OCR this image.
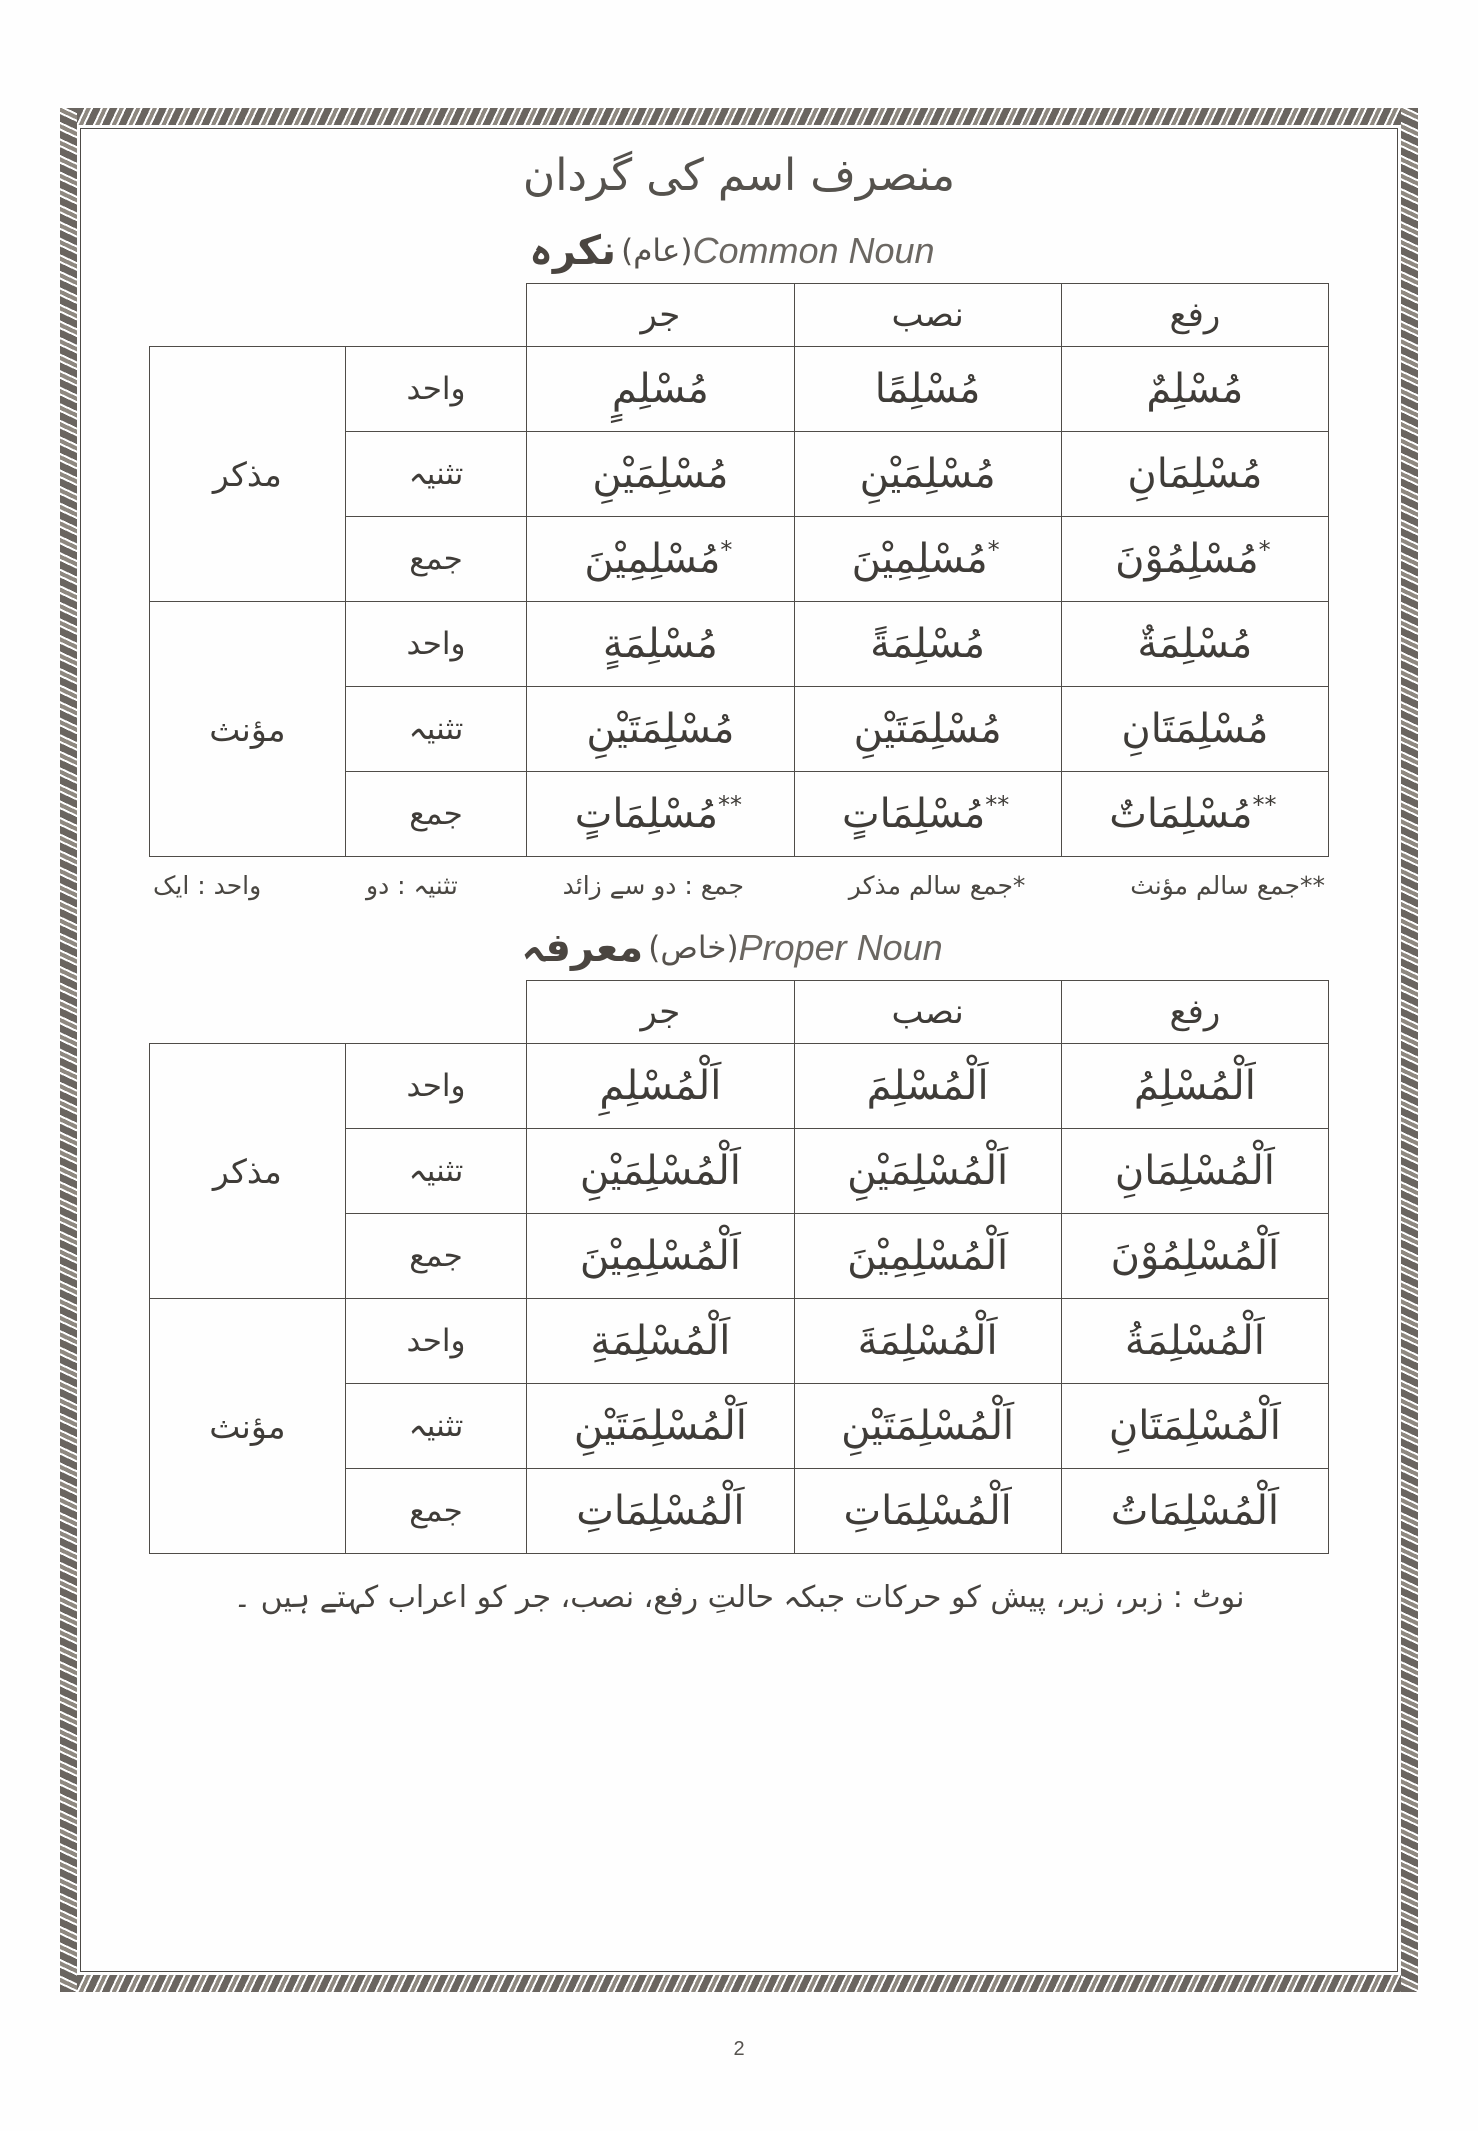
منصرف اسم کی گردان
Common Noun(عام) نکرہ
رفع	نصب	جر		
مُسْلِمٌ	مُسْلِمًا	مُسْلِمٍ	واحد	مذکر
مُسْلِمَانِ	مُسْلِمَيْنِ	مُسْلِمَيْنِ	تثنیہ	
*مُسْلِمُوْنَ	*مُسْلِمِيْنَ	*مُسْلِمِيْنَ	جمع	
مُسْلِمَةٌ	مُسْلِمَةً	مُسْلِمَةٍ	واحد	مؤنث
مُسْلِمَتَانِ	مُسْلِمَتَيْنِ	مُسْلِمَتَيْنِ	تثنیہ	
**مُسْلِمَاتٌ	**مُسْلِمَاتٍ	**مُسْلِمَاتٍ	جمع	
**جمع سالم مؤنث
*جمع سالم مذکر
جمع : دو سے زائد
تثنیہ : دو
واحد : ایک
Proper Noun(خاص) معرفہ
رفع	نصب	جر		
اَلْمُسْلِمُ	اَلْمُسْلِمَ	اَلْمُسْلِمِ	واحد	مذکر
اَلْمُسْلِمَانِ	اَلْمُسْلِمَيْنِ	اَلْمُسْلِمَيْنِ	تثنیہ	
اَلْمُسْلِمُوْنَ	اَلْمُسْلِمِيْنَ	اَلْمُسْلِمِيْنَ	جمع	
اَلْمُسْلِمَةُ	اَلْمُسْلِمَةَ	اَلْمُسْلِمَةِ	واحد	مؤنث
اَلْمُسْلِمَتَانِ	اَلْمُسْلِمَتَيْنِ	اَلْمُسْلِمَتَيْنِ	تثنیہ	
اَلْمُسْلِمَاتُ	اَلْمُسْلِمَاتِ	اَلْمُسْلِمَاتِ	جمع	
نوٹ : زبر، زیر، پیش کو حرکات جبکہ حالتِ رفع، نصب، جر کو اعراب کہتے ہیں ۔
2
